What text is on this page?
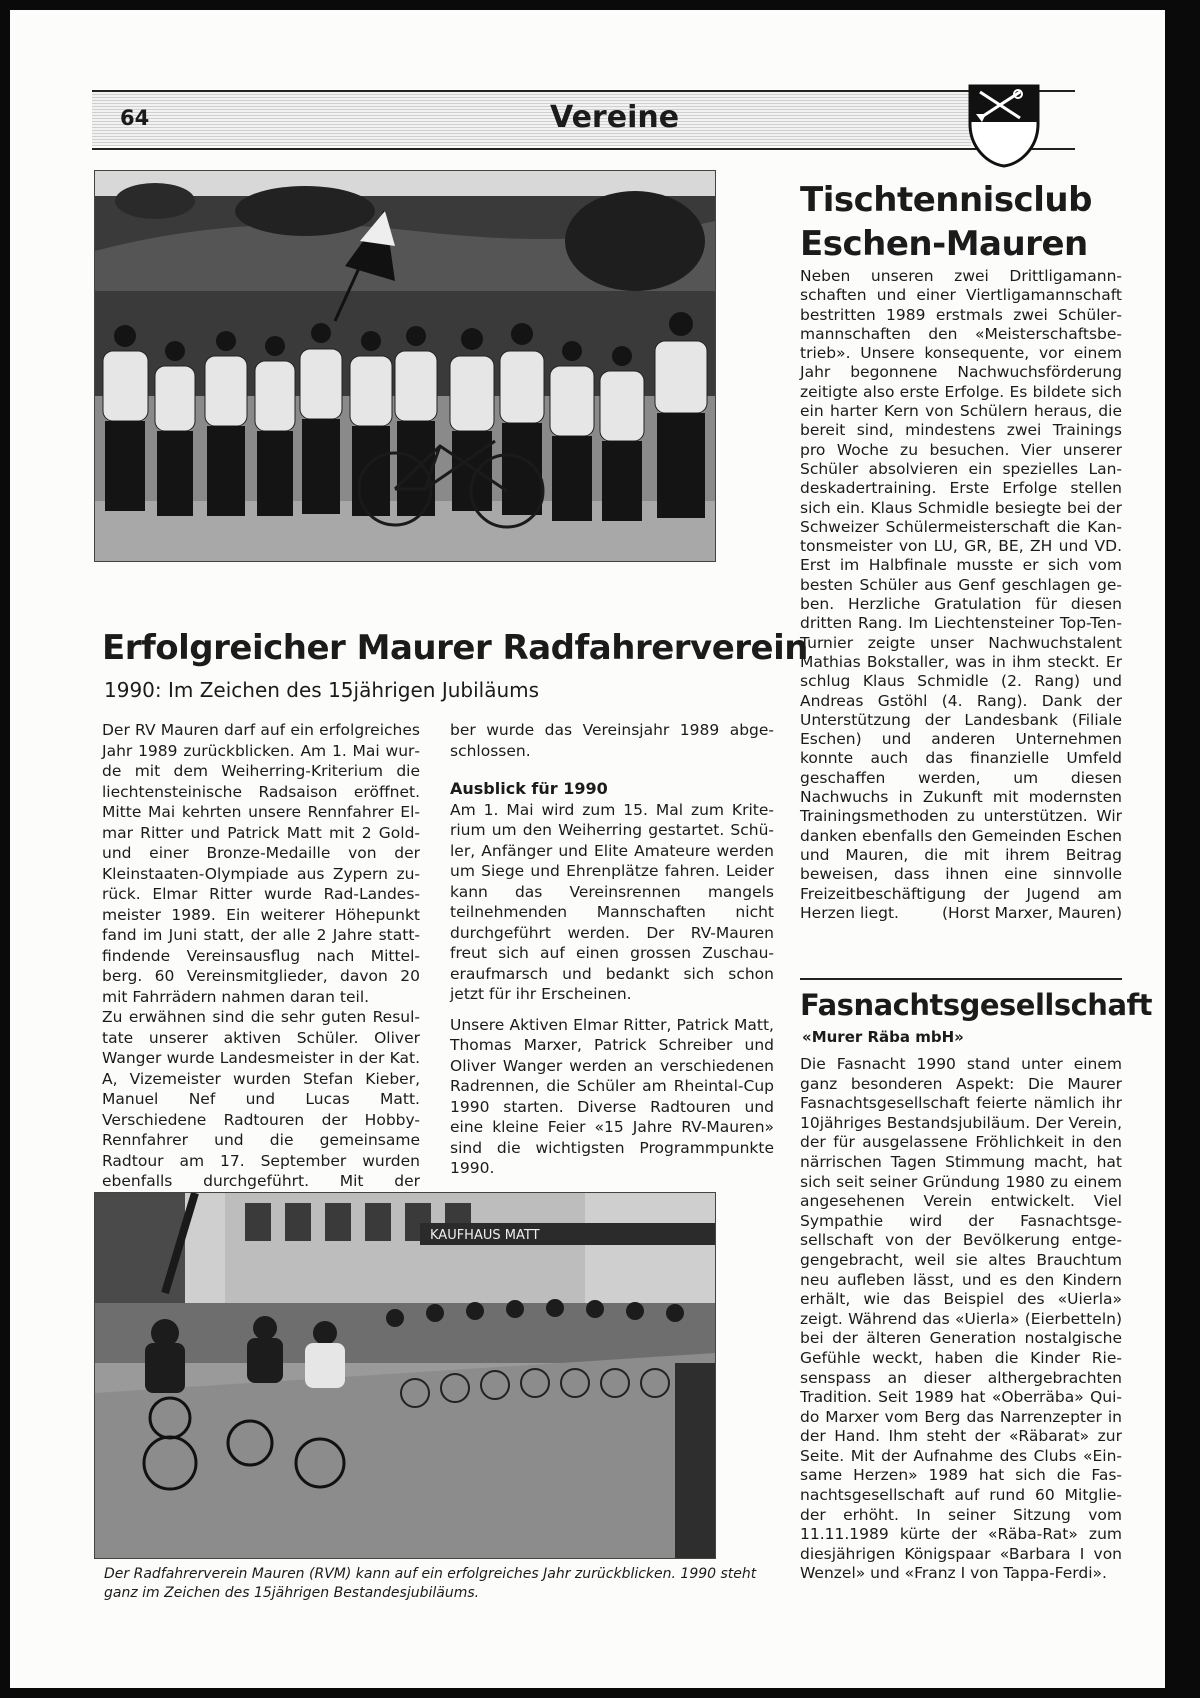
64	Vereine
Erfolgreicher Maurer Radfahrerverein
1990: Im Zeichen des 15jährigen Jubiläums

Der RV Mauren darf auf ein erfolgreiches Jahr 1989 zurückblicken. Am 1. Mai wurde mit dem Weiherring-Kriterium die liechtensteinische Radsaison eröffnet. Mitte Mai kehrten unsere Rennfahrer Elmar Ritter und Patrick Matt mit 2 Gold- und einer Bronze-Medaille von der Kleinstaaten-Olympiade aus Zypern zurück. Elmar Ritter wurde Rad-Landesmeister 1989. Ein weiterer Höhepunkt fand im Juni statt, der alle 2 Jahre stattfindende Vereinsausflug nach Mittelberg. 60 Vereinsmitglieder, davon 20 mit Fahrrädern nahmen daran teil.

Zu erwähnen sind die sehr guten Resultate unserer aktiven Schüler. Oliver Wanger wurde Landesmeister in der Kat. A, Vizemeister wurden Stefan Kieber, Manuel Nef und Lucas Matt. Verschiedene Radtouren der Hobby-Rennfahrer und die gemeinsame Radtour am 17. September wurden ebenfalls durchgeführt. Mit der

ber wurde das Vereinsjahr 1989 abgeschlossen.

Ausblick für 1990

Am 1. Mai wird zum 15. Mal zum Kriterium um den Weiherring gestartet. Schüler, Anfänger und Elite Amateure werden um Siege und Ehrenplätze fahren. Leider kann das Vereinsrennen mangels teilnehmenden Mannschaften nicht durchgeführt werden. Der RV-Mauren freut sich auf einen grossen Zuschaueraufmarsch und bedankt sich schon jetzt für ihr Erscheinen.

Unsere Aktiven Elmar Ritter, Patrick Matt, Thomas Marxer, Patrick Schreiber und Oliver Wanger werden an verschiedenen Radrennen, die Schüler am Rheintal-Cup 1990 starten. Diverse Radtouren und eine kleine Feier «15 Jahre RV-Mauren» sind die wichtigsten Programmpunkte 1990.

KAUFHAUS MATT
Der Radfahrerverein Mauren (RVM) kann auf ein erfolgreiches Jahr zurückblicken. 1990 steht ganz im Zeichen des 15jährigen Bestandesjubiläums.
Tischtennisclub Eschen-Mauren
Neben unseren zwei Drittligamannschaften und einer Viertligamannschaft bestritten 1989 erstmals zwei Schülermannschaften den «Meisterschaftsbetrieb». Unsere konsequente, vor einem Jahr begonnene Nachwuchsförderung zeitigte also erste Erfolge. Es bildete sich ein harter Kern von Schülern heraus, die bereit sind, mindestens zwei Trainings pro Woche zu besuchen. Vier unserer Schüler absolvieren ein spezielles Landeskadertraining. Erste Erfolge stellen sich ein. Klaus Schmidle besiegte bei der Schweizer Schülermeisterschaft die Kantonsmeister von LU, GR, BE, ZH und VD. Erst im Halbfinale musste er sich vom besten Schüler aus Genf geschlagen geben. Herzliche Gratulation für diesen dritten Rang. Im Liechtensteiner Top-Ten-Turnier zeigte unser Nachwuchstalent Mathias Bokstaller, was in ihm steckt. Er schlug Klaus Schmidle (2. Rang) und Andreas Gstöhl (4. Rang). Dank der Unterstützung der Landesbank (Filiale Eschen) und anderen Unternehmen konnte auch das finanzielle Umfeld geschaffen werden, um diesen Nachwuchs in Zukunft mit modernsten Trainingsmethoden zu unterstützen. Wir danken ebenfalls den Gemeinden Eschen und Mauren, die mit ihrem Beitrag beweisen, dass ihnen eine sinnvolle Freizeitbeschäftigung der Jugend am Herzen liegt.	(Horst Marxer, Mauren)
Fasnachtsgesellschaft
«Murer Räba mbH»
Die Fasnacht 1990 stand unter einem ganz besonderen Aspekt: Die Maurer Fasnachtsgesellschaft feierte nämlich ihr 10jähriges Bestandsjubiläum. Der Verein, der für ausgelassene Fröhlichkeit in den närrischen Tagen Stimmung macht, hat sich seit seiner Gründung 1980 zu einem angesehenen Verein entwickelt. Viel Sympathie wird der Fasnachtsgesellschaft von der Bevölkerung entgegengebracht, weil sie altes Brauchtum neu aufleben lässt, und es den Kindern erhält, wie das Beispiel des «Uierla» zeigt. Während das «Uierla» (Eierbetteln) bei der älteren Generation nostalgische Gefühle weckt, haben die Kinder Riesenspass an dieser althergebrachten Tradition. Seit 1989 hat «Oberräba» Quido Marxer vom Berg das Narrenzepter in der Hand. Ihm steht der «Räbarat» zur Seite. Mit der Aufnahme des Clubs «Einsame Herzen» 1989 hat sich die Fasnachtsgesellschaft auf rund 60 Mitglieder erhöht. In seiner Sitzung vom 11.11.1989 kürte der «Räba-Rat» zum diesjährigen Königspaar «Barbara I von Wenzel» und «Franz I von Tappa-Ferdi».
